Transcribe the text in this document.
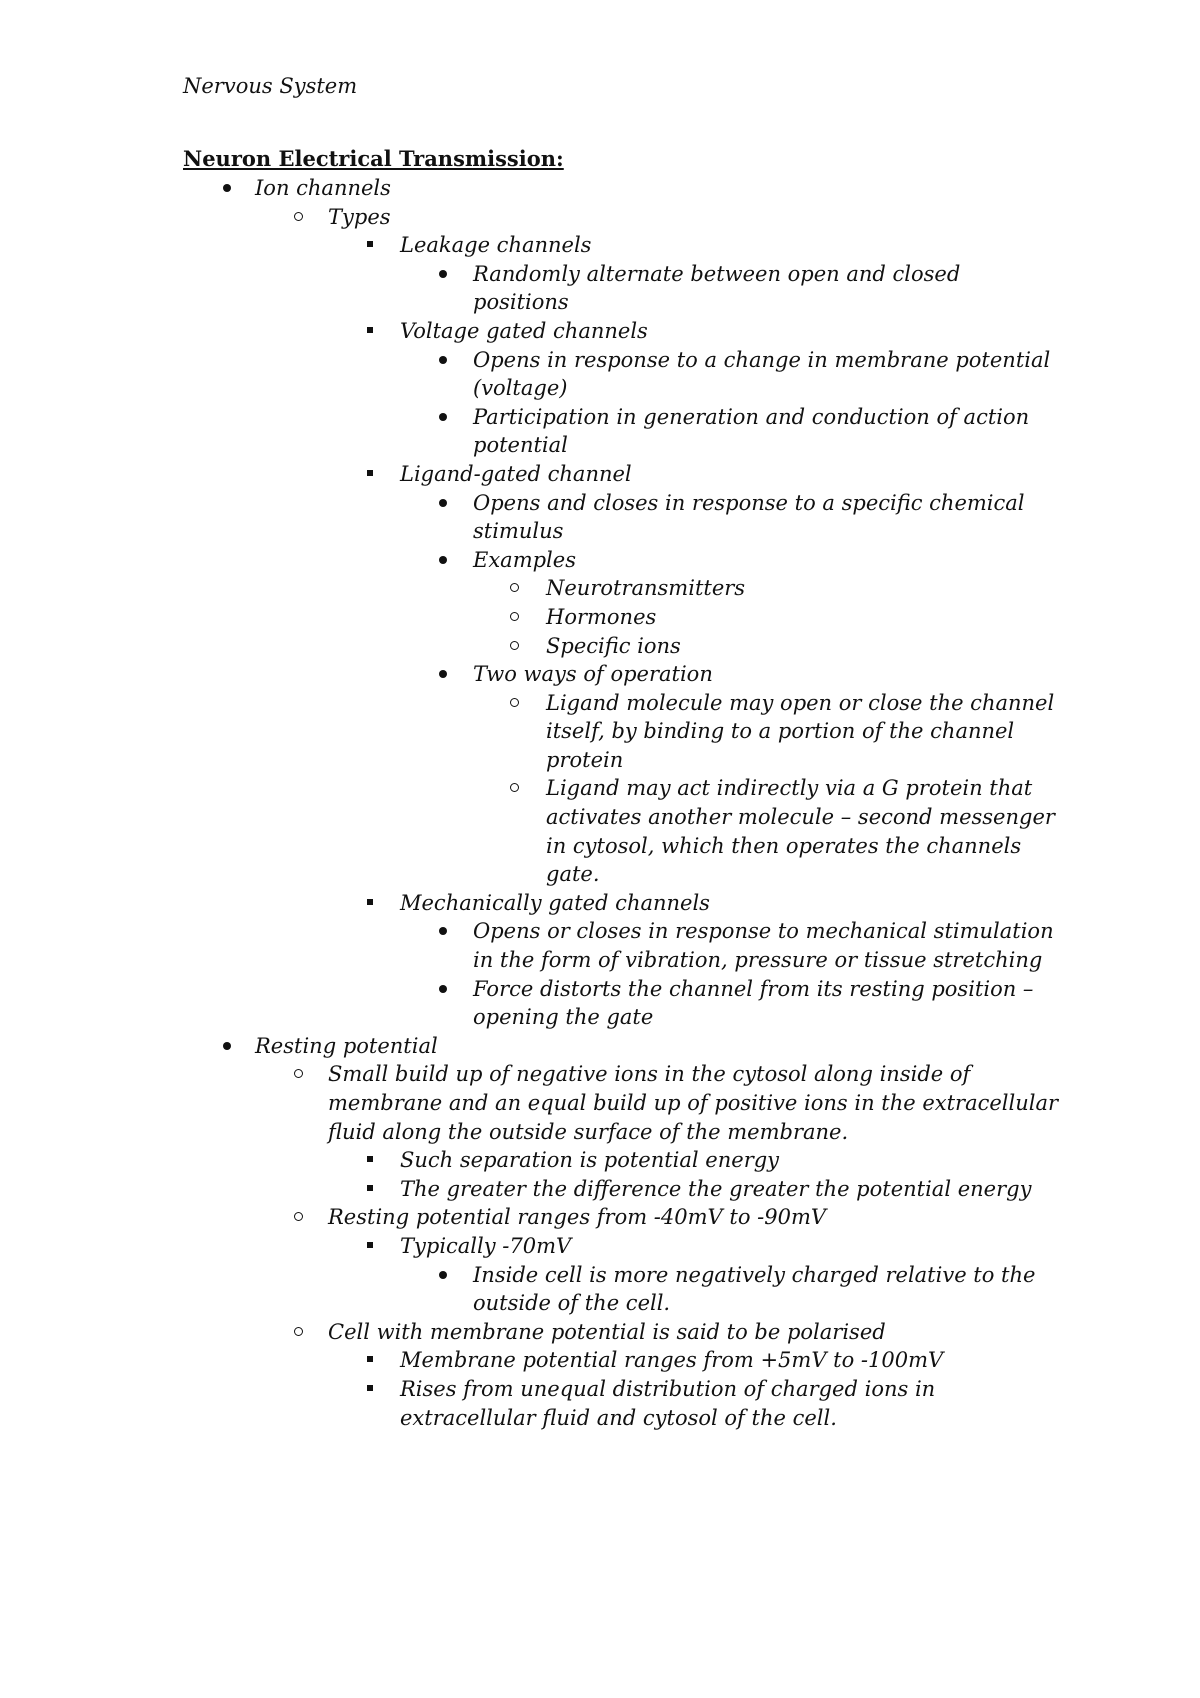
Nervous System
Neuron Electrical Transmission:
Ion channels
Types
Leakage channels
Randomly alternate between open and closed
positions
Voltage gated channels
Opens in response to a change in membrane potential
(voltage)
Participation in generation and conduction of action
potential
Ligand-gated channel
Opens and closes in response to a specific chemical
stimulus
Examples
Neurotransmitters
Hormones
Specific ions
Two ways of operation
Ligand molecule may open or close the channel
itself, by binding to a portion of the channel
protein
Ligand may act indirectly via a G protein that
activates another molecule – second messenger
in cytosol, which then operates the channels
gate.
Mechanically gated channels
Opens or closes in response to mechanical stimulation
in the form of vibration, pressure or tissue stretching
Force distorts the channel from its resting position –
opening the gate
Resting potential
Small build up of negative ions in the cytosol along inside of
membrane and an equal build up of positive ions in the extracellular
fluid along the outside surface of the membrane.
Such separation is potential energy
The greater the difference the greater the potential energy
Resting potential ranges from -40mV to -90mV
Typically -70mV
Inside cell is more negatively charged relative to the
outside of the cell.
Cell with membrane potential is said to be polarised
Membrane potential ranges from +5mV to -100mV
Rises from unequal distribution of charged ions in
extracellular fluid and cytosol of the cell.
